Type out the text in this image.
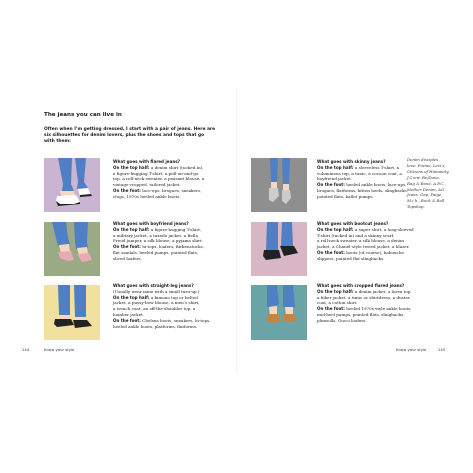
The jeans you can live in
Often when I’m getting dressed, I start with a pair of jeans. Here are
six silhouettes for denim lovers, plus the shoes and tops that go
with them:
What goes with flared jeans?
On the top half: a denim shirt (tucked in),
a figure-hugging T-shirt, a pull-on-and-go
top, a roll-neck sweater, a peasant blouse, a
vintage-cropped, tailored jacket.
On the foot: lace-ups, brogues, sneakers,
clogs, 1970s heeled ankle boots.
What goes with boyfriend jeans?
On the top half: a figure-hugging T-shirt,
a military jacket, a tuxedo jacket, a Bella
Freud jumper, a silk blouse, a pyjama shirt.
On the foot: hi-tops, loafers, Birkenstocks,
flat sandals, heeled pumps, pointed flats,
sliced loafers.
What goes with straight-leg jeans?
(Usually wear mine with a small turn-up.)
On the top half: a kimono top or belted
jacket, a pussy-bow blouse, a men’s shirt,
a trench coat, an off-the-shoulder top, a
bomber jacket.
On the foot: Chelsea boots, sneakers, hi-tops,
heeled ankle boots, platforms, flatforms.
What goes with skinny jeans?
On the top half: a sleeveless T-shirt, a
voluminous top, a tunic, a cocoon coat, a
boyfriend jacket.
On the foot: heeled ankle boots, lace-ups,
brogues, flatforms, kitten heels, slingbacks,
pointed flats, ballet pumps.
What goes with bootcut jeans?
On the top half: a super shirt, a long-sleeved
T-shirt (tucked in) and a skinny scarf,
a roll-neck sweater, a silk blouse, a denim
jacket, a Chanel-style tweed jacket, a blazer.
On the foot: boots (of course), babouche
slippers, pointed flat slingbacks.
What goes with cropped flared jeans?
On the top half: a denim jacket, a lurex top,
a biker jacket, a tunic or shirtdress, a duster
coat, a cotton shirt.
On the foot: heeled 1970s-style ankle boots,
mid-heel pumps, pointed flats, slingbacks,
plimsolls, Gucci loafers.
Denim disciples
love: Frame, Levi’s,
Citizens of Humanity,
J.Crew, Re/Done,
Rag & Bone, A.P.C.,
Mother Denim, AG
Jeans, Gap, Paige,
M.i.h., Rock & Roll
Topshop.
144	Know your style	Know your style	145
